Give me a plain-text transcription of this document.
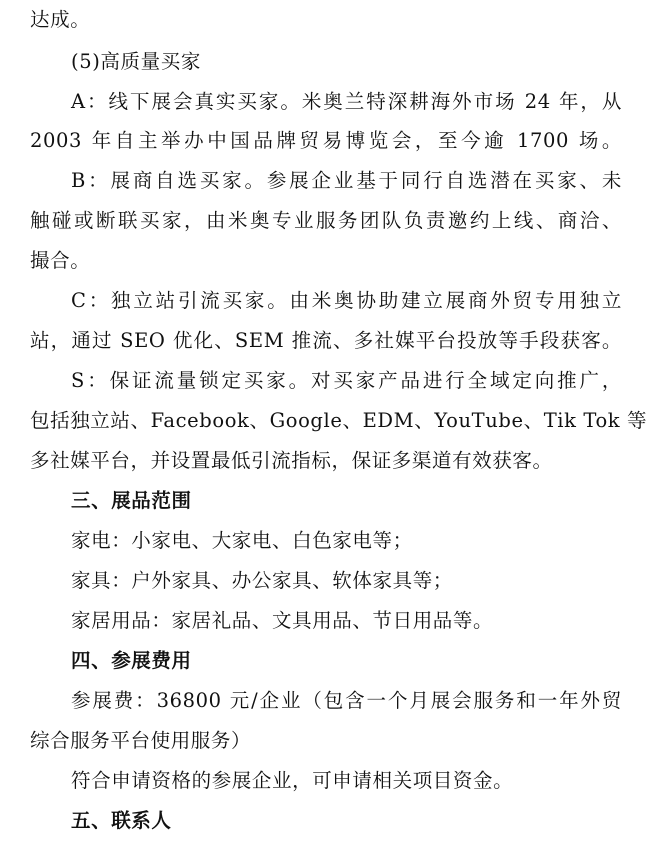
达成。
(5)高质量买家
A：线下展会真实买家。米奥兰特深耕海外市场 24 年，从
2003 年自主举办中国品牌贸易博览会，至今逾 1700 场。
B：展商自选买家。参展企业基于同行自选潜在买家、未
触碰或断联买家，由米奥专业服务团队负责邀约上线、商洽、
撮合。
C：独立站引流买家。由米奥协助建立展商外贸专用独立
站，通过 SEO 优化、SEM 推流、多社媒平台投放等手段获客。
S：保证流量锁定买家。对买家产品进行全域定向推广，
包括独立站、Facebook、Google、EDM、YouTube、Tik Tok 等
多社媒平台，并设置最低引流指标，保证多渠道有效获客。
三、展品范围
家电：小家电、大家电、白色家电等；
家具：户外家具、办公家具、软体家具等；
家居用品：家居礼品、文具用品、节日用品等。
四、参展费用
参展费：36800 元/企业（包含一个月展会服务和一年外贸
综合服务平台使用服务）
符合申请资格的参展企业，可申请相关项目资金。
五、联系人
